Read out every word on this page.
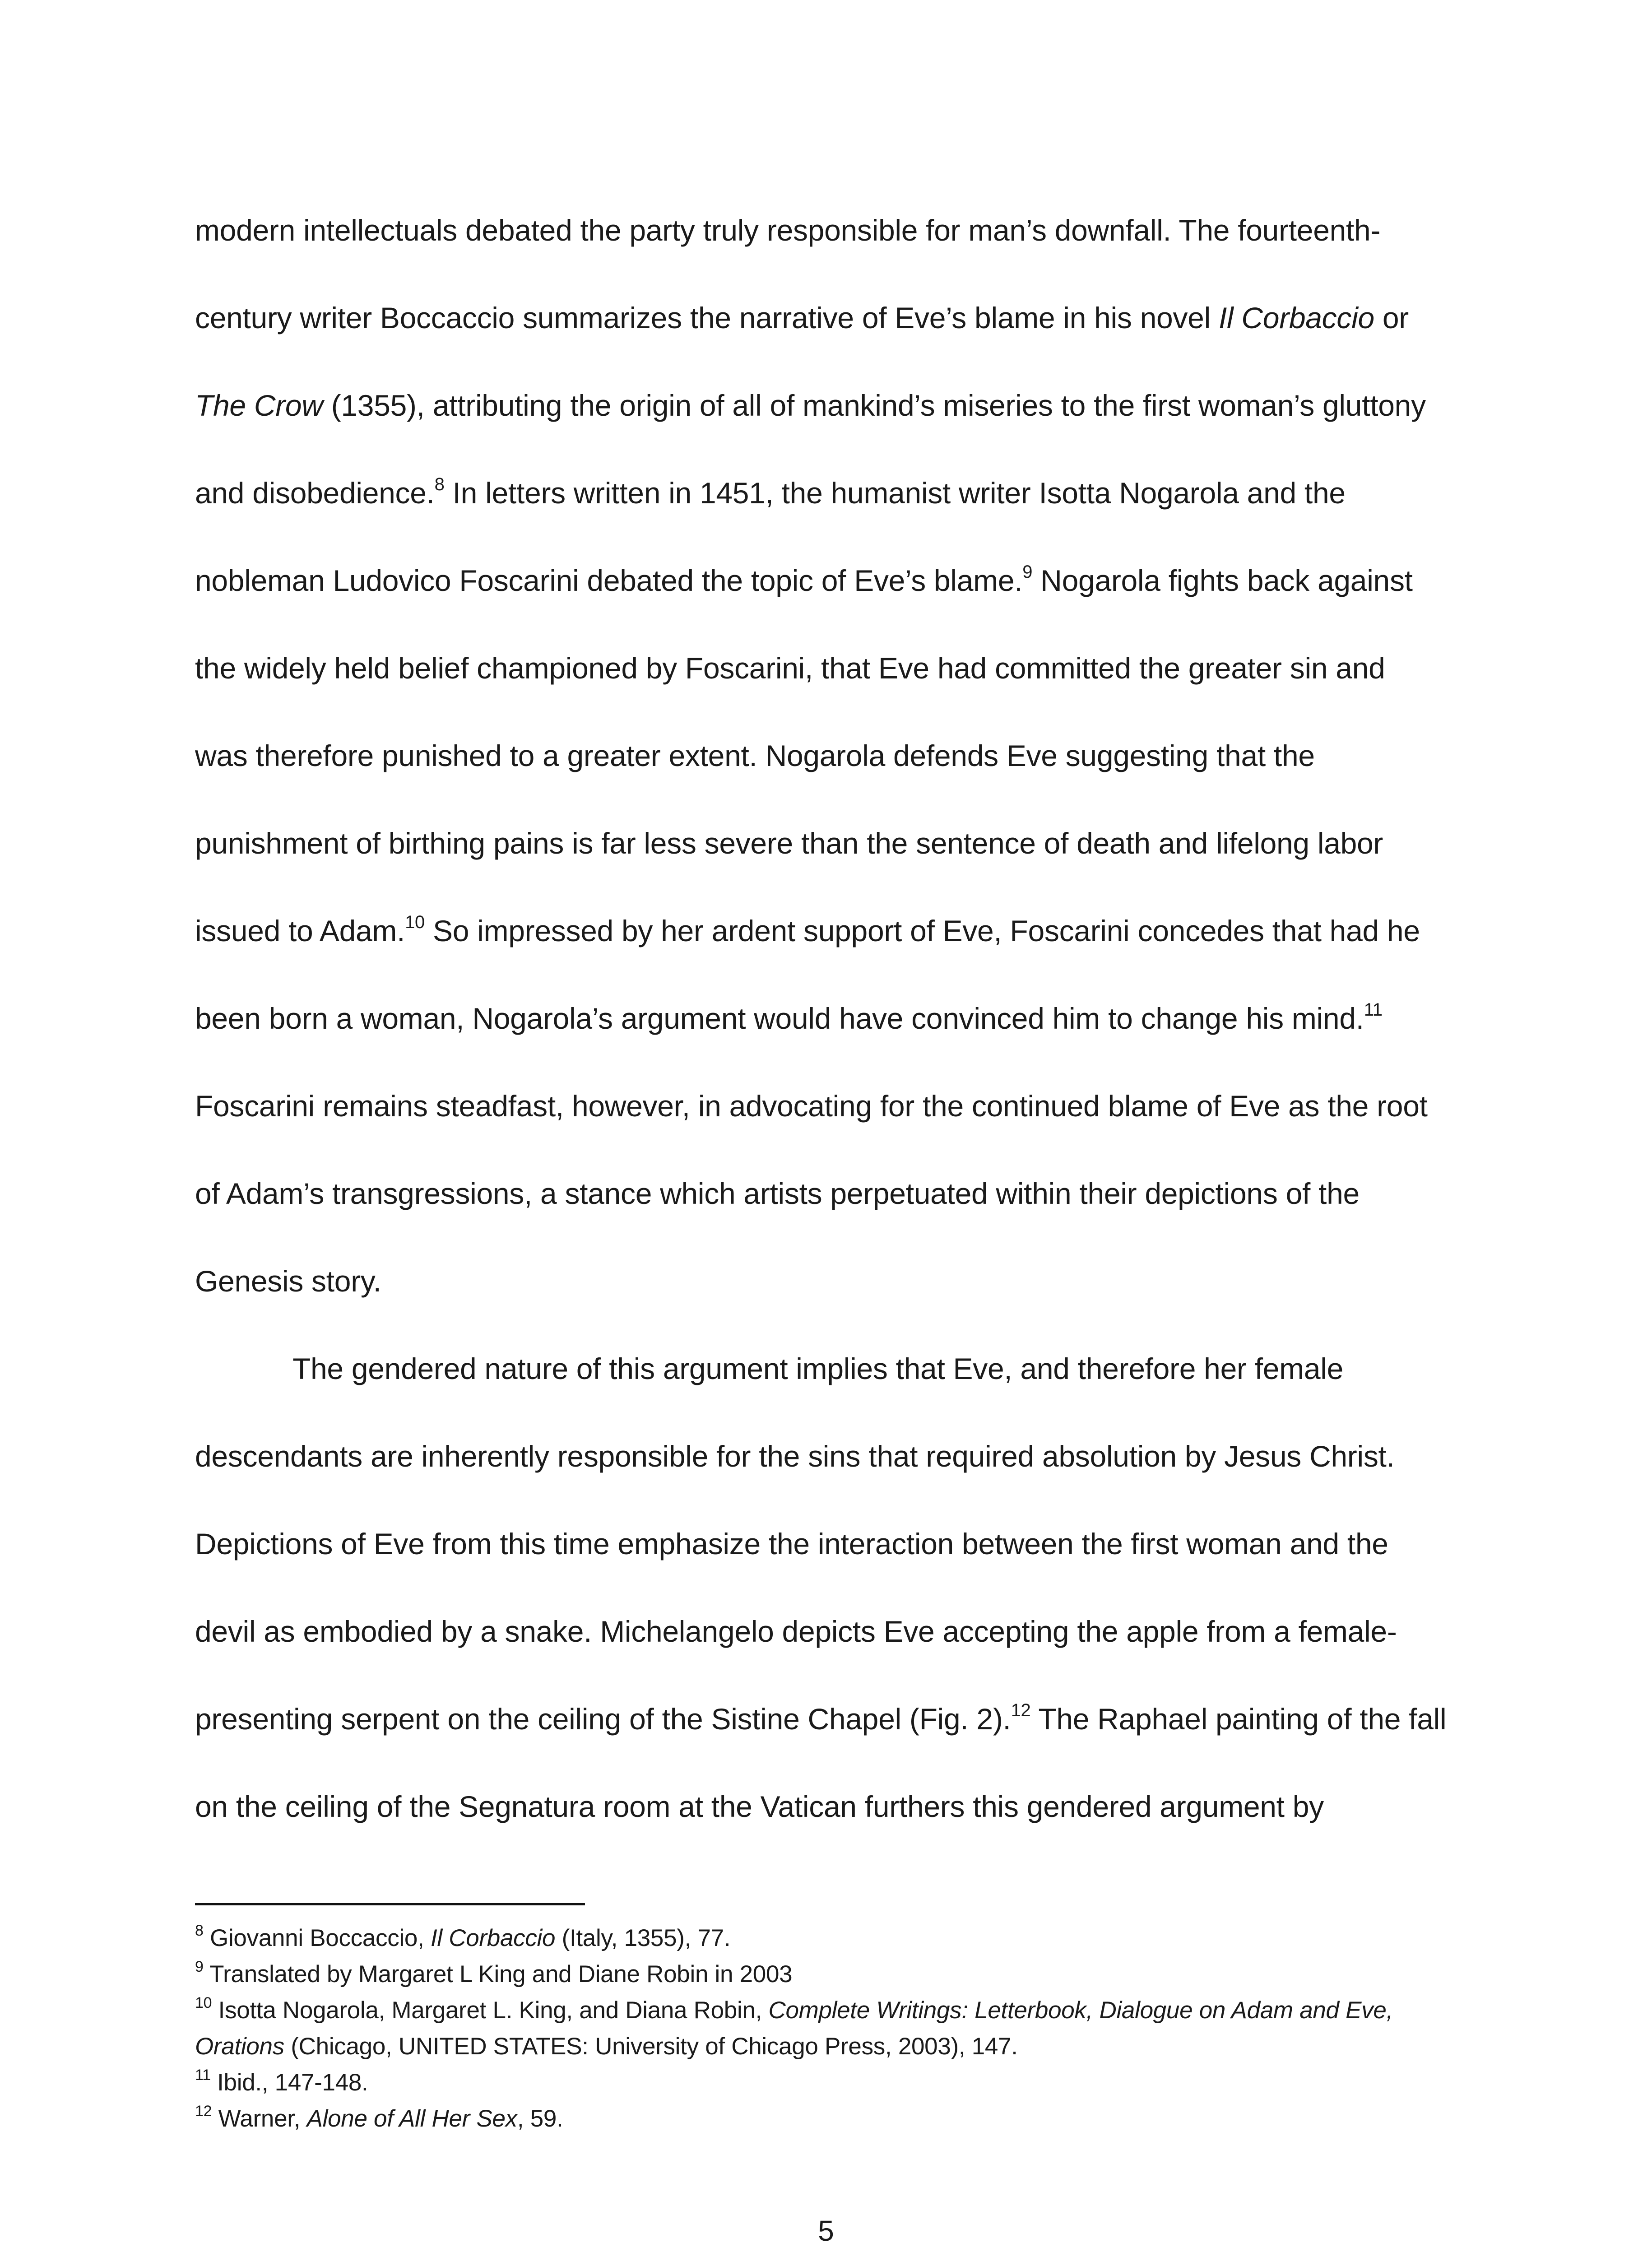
modern intellectuals debated the party truly responsible for man’s downfall. The fourteenth-
century writer Boccaccio summarizes the narrative of Eve’s blame in his novel Il Corbaccio or
The Crow (1355), attributing the origin of all of mankind’s miseries to the first woman’s gluttony
and disobedience.$^8$ In letters written in 1451, the humanist writer Isotta Nogarola and the
nobleman Ludovico Foscarini debated the topic of Eve’s blame.$^9$ Nogarola fights back against
the widely held belief championed by Foscarini, that Eve had committed the greater sin and
was therefore punished to a greater extent. Nogarola defends Eve suggesting that the
punishment of birthing pains is far less severe than the sentence of death and lifelong labor
issued to Adam.$^{10}$ So impressed by her ardent support of Eve, Foscarini concedes that had he
been born a woman, Nogarola’s argument would have convinced him to change his mind.$^{11}$
Foscarini remains steadfast, however, in advocating for the continued blame of Eve as the root
of Adam’s transgressions, a stance which artists perpetuated within their depictions of the
Genesis story.
The gendered nature of this argument implies that Eve, and therefore her female
descendants are inherently responsible for the sins that required absolution by Jesus Christ.
Depictions of Eve from this time emphasize the interaction between the first woman and the
devil as embodied by a snake. Michelangelo depicts Eve accepting the apple from a female-
presenting serpent on the ceiling of the Sistine Chapel (Fig. 2).$^{12}$ The Raphael painting of the fall
on the ceiling of the Segnatura room at the Vatican furthers this gendered argument by
$^8$ Giovanni Boccaccio, Il Corbaccio (Italy, 1355), 77.
$^9$ Translated by Margaret L King and Diane Robin in 2003
$^{10}$ Isotta Nogarola, Margaret L. King, and Diana Robin, Complete Writings: Letterbook, Dialogue on Adam and Eve,
Orations (Chicago, UNITED STATES: University of Chicago Press, 2003), 147.
$^{11}$ Ibid., 147-148.
$^{12}$ Warner, Alone of All Her Sex, 59.
5
